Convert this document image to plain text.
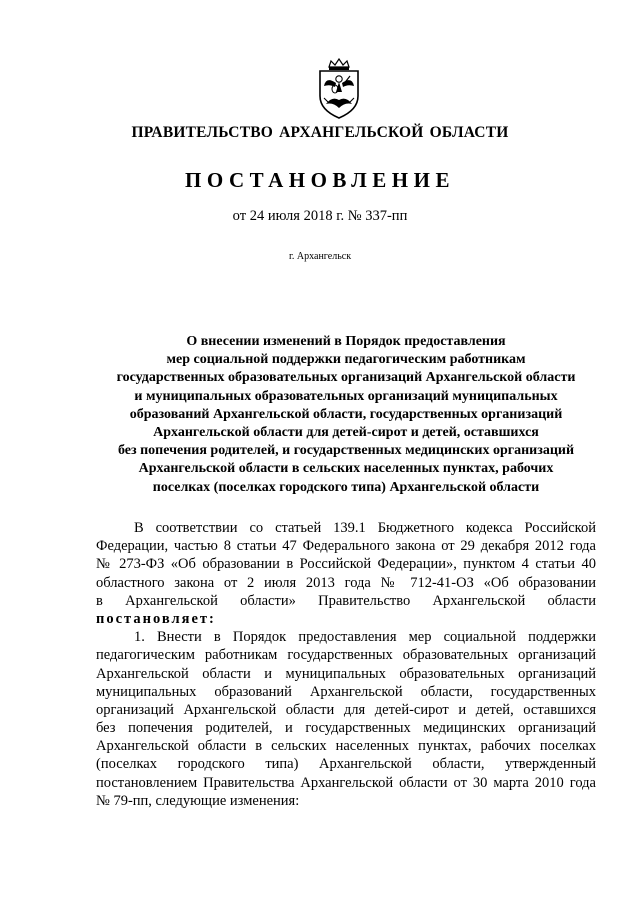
ПРАВИТЕЛЬСТВО АРХАНГЕЛЬСКОЙ ОБЛАСТИ
ПОСТАНОВЛЕНИЕ
от 24 июля 2018 г. № 337-пп
г. Архангельск
О внесении изменений в Порядок предоставления
мер социальной поддержки педагогическим работникам
государственных образовательных организаций Архангельской области
и муниципальных образовательных организаций муниципальных
образований Архангельской области, государственных организаций
Архангельской области для детей-сирот и детей, оставшихся
без попечения родителей, и государственных медицинских организаций
Архангельской области в сельских населенных пунктах, рабочих
поселках (поселках городского типа) Архангельской области
В соответствии со статьей 139.1 Бюджетного кодекса Российской
Федерации, частью 8 статьи 47 Федерального закона от 29 декабря 2012 года
№ 273-ФЗ «Об образовании в Российской Федерации», пунктом 4 статьи 40
областного закона от 2 июля 2013 года № 712-41-ОЗ «Об образовании
в Архангельской области» Правительство Архангельской области
постановляет:
1. Внести в Порядок предоставления мер социальной поддержки
педагогическим работникам государственных образовательных организаций
Архангельской области и муниципальных образовательных организаций
муниципальных образований Архангельской области, государственных
организаций Архангельской области для детей-сирот и детей, оставшихся
без попечения родителей, и государственных медицинских организаций
Архангельской области в сельских населенных пунктах, рабочих поселках
(поселках городского типа) Архангельской области, утвержденный
постановлением Правительства Архангельской области от 30 марта 2010 года
№ 79-пп, следующие изменения:
